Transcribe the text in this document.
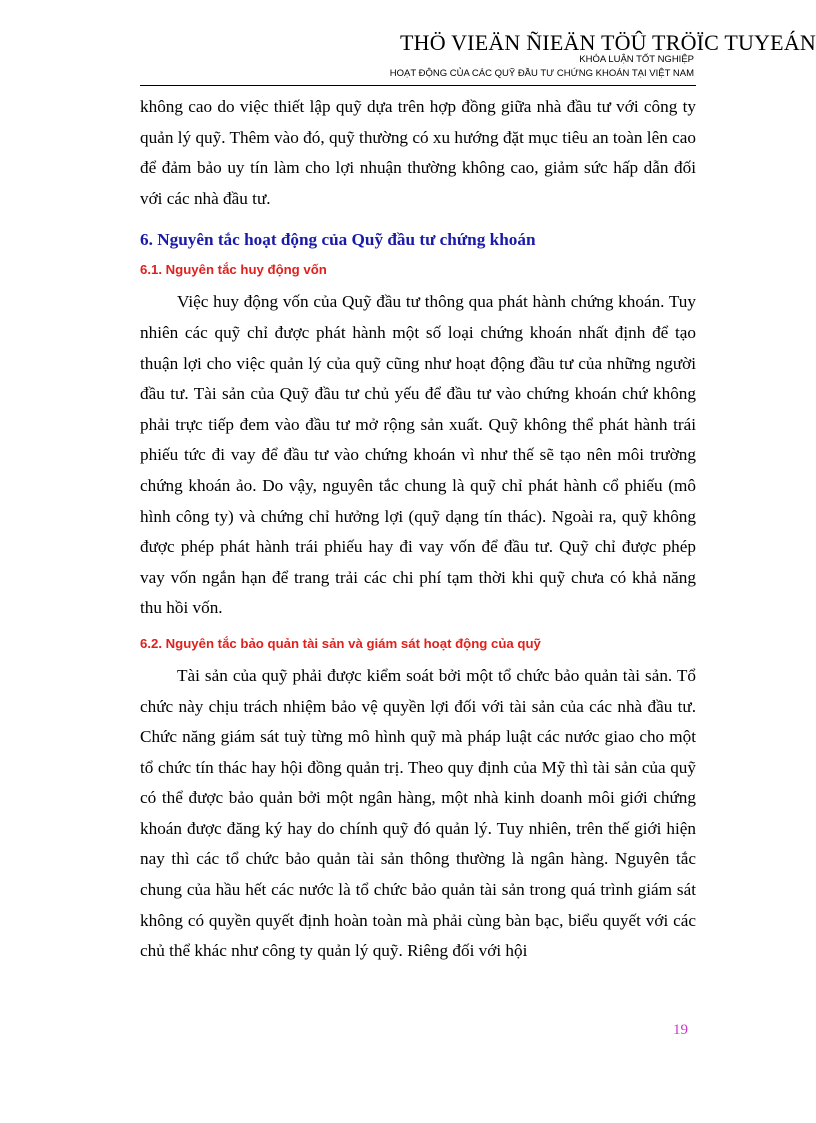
THÖ VIEÄN ÑIEÄN TÖÛ TRÖÏC TUYEÁN
KHÓA LUẬN TỐT NGHIỆP
HOẠT ĐỘNG CỦA CÁC QUỸ ĐẦU TƯ CHỨNG KHOÁN TẠI VIỆT NAM

không cao do việc thiết lập quỹ dựa trên hợp đồng giữa nhà đầu tư với công ty quản lý quỹ. Thêm vào đó, quỹ thường có xu hướng đặt mục tiêu an toàn lên cao để đảm bảo uy tín làm cho lợi nhuận thường không cao, giảm sức hấp dẫn đối với các nhà đầu tư.

6. Nguyên tắc hoạt động của Quỹ đầu tư chứng khoán
6.1. Nguyên tắc huy động vốn

Việc huy động vốn của Quỹ đầu tư thông qua phát hành chứng khoán. Tuy nhiên các quỹ chỉ được phát hành một số loại chứng khoán nhất định để tạo thuận lợi cho việc quản lý của quỹ cũng như hoạt động đầu tư của những người đầu tư. Tài sản của Quỹ đầu tư chủ yếu để đầu tư vào chứng khoán chứ không phải trực tiếp đem vào đầu tư mở rộng sản xuất. Quỹ không thể phát hành trái phiếu tức đi vay để đầu tư vào chứng khoán vì như thế sẽ tạo nên môi trường chứng khoán ảo. Do vậy, nguyên tắc chung là quỹ chỉ phát hành cổ phiếu (mô hình công ty) và chứng chỉ hưởng lợi (quỹ dạng tín thác). Ngoài ra, quỹ không được phép phát hành trái phiếu hay đi vay vốn để đầu tư. Quỹ chỉ được phép vay vốn ngắn hạn để trang trải các chi phí tạm thời khi quỹ chưa có khả năng thu hồi vốn.

6.2. Nguyên tắc bảo quản tài sản và giám sát hoạt động của quỹ

Tài sản của quỹ phải được kiểm soát bởi một tổ chức bảo quản tài sản. Tổ chức này chịu trách nhiệm bảo vệ quyền lợi đối với tài sản của các nhà đầu tư. Chức năng giám sát tuỳ từng mô hình quỹ mà pháp luật các nước giao cho một tổ chức tín thác hay hội đồng quản trị. Theo quy định của Mỹ thì tài sản của quỹ có thể được bảo quản bởi một ngân hàng, một nhà kinh doanh môi giới chứng khoán được đăng ký hay do chính quỹ đó quản lý. Tuy nhiên, trên thế giới hiện nay thì các tổ chức bảo quản tài sản thông thường là ngân hàng. Nguyên tắc chung của hầu hết các nước là tổ chức bảo quản tài sản trong quá trình giám sát không có quyền quyết định hoàn toàn mà phải cùng bàn bạc, biểu quyết với các chủ thể khác như công ty quản lý quỹ. Riêng đối với hội

19
